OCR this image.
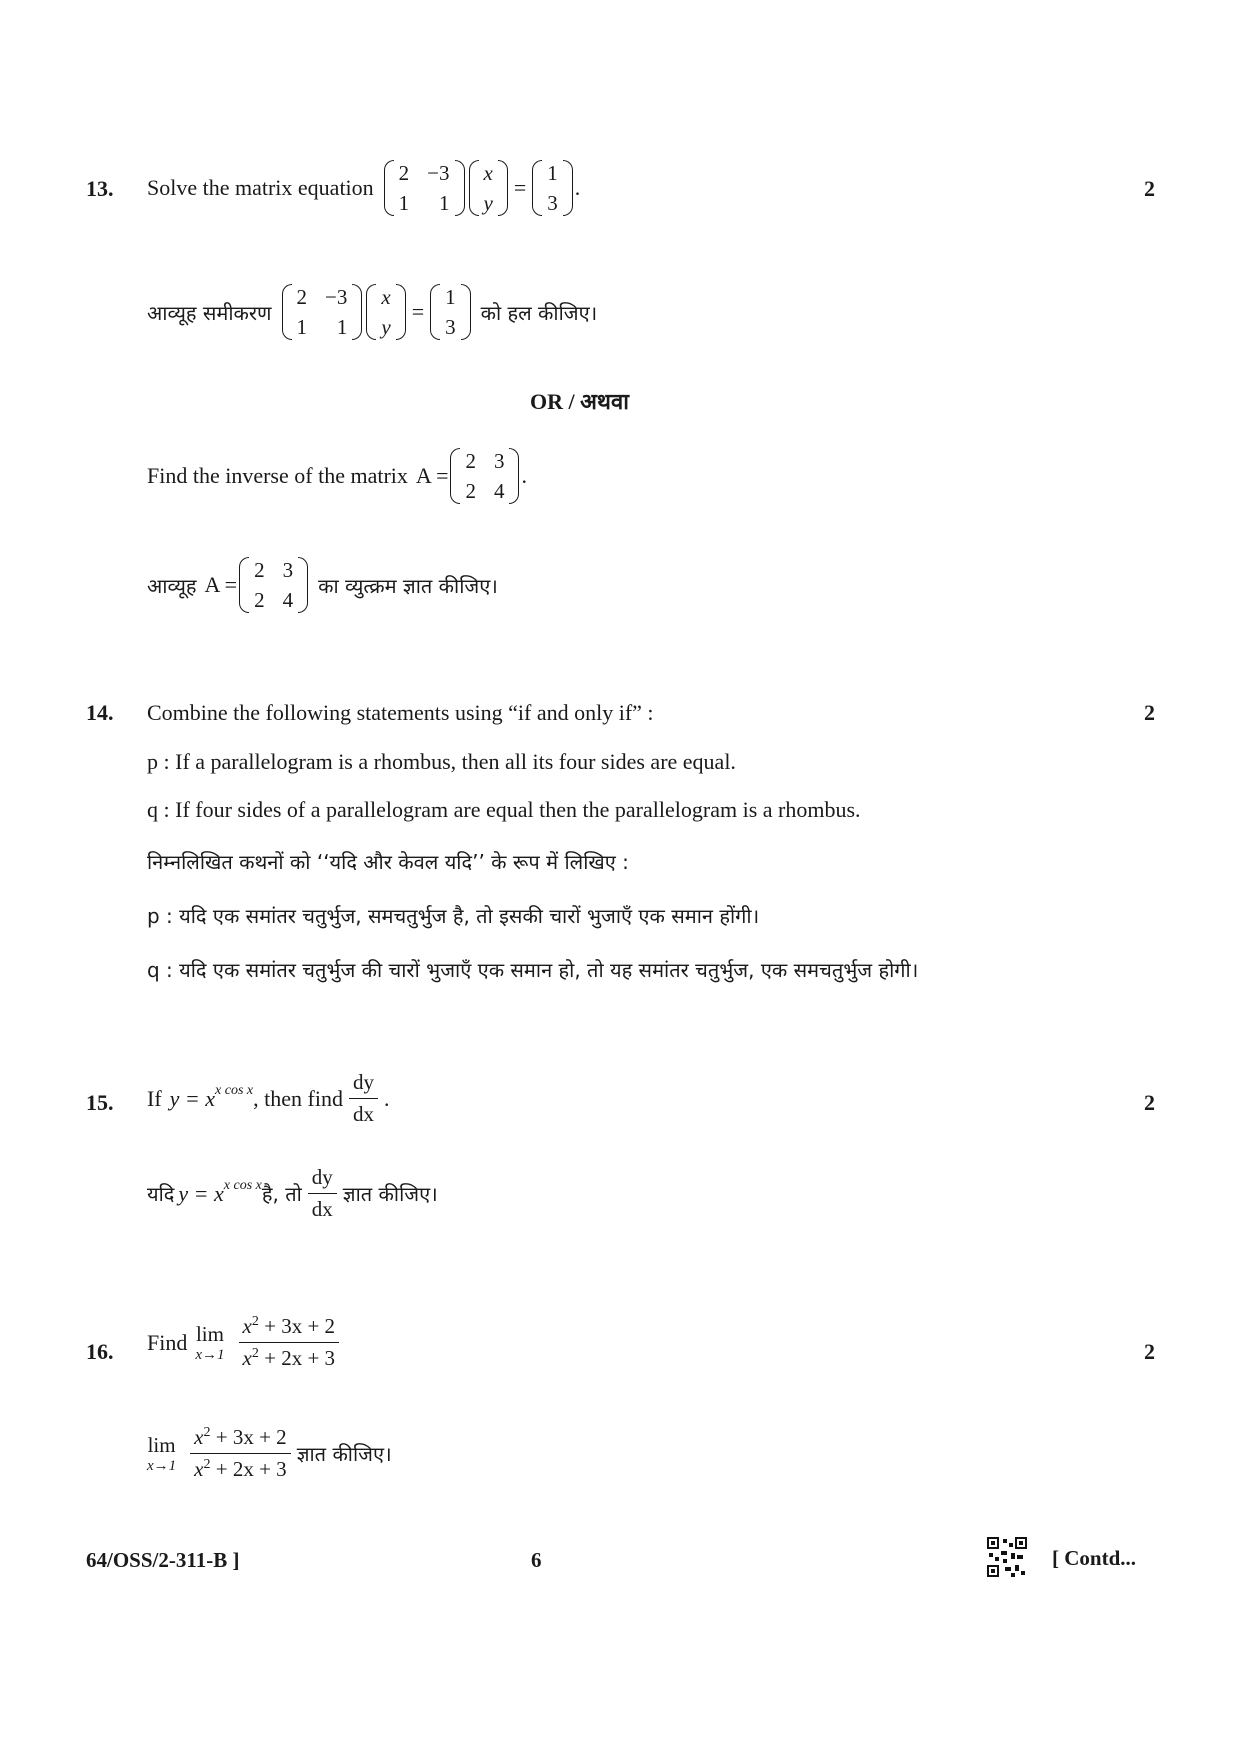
13. Solve the matrix equation
2 −3
1	1
x
y
=
1
3
.	2
आव्यूह समीकरण
2 −3
1	1
x
y
=
1
3
को हल कीजिए।
OR / अथवा
Find the inverse of the matrix A =
2 3
2 4
.
आव्यूह A =
2 3
2 4
का व्युत्क्रम ज्ञात कीजिए।
14. Combine the following statements using “if and only if” :	2
p : If a parallelogram is a rhombus, then all its four sides are equal.
q : If four sides of a parallelogram are equal then the parallelogram is a rhombus.
निम्नलिखित कथनों को ‘‘यदि और केवल यदि’’ के रूप में लिखिए :
p : यदि एक समांतर चतुर्भुज, समचतुर्भुज है, तो इसकी चारों भुजाएँ एक समान होंगी।
q : यदि एक समांतर चतुर्भुज की चारों भुजाएँ एक समान हो, तो यह समांतर चतुर्भुज, एक समचतुर्भुज होगी।
15. If $y = x^{x cos x}$ , then find $\frac{dy}{dx}$ .	2
यदि $y = x^{x cos x}$ है, तो $\frac{dy}{dx}$ ज्ञात कीजिए।
16. Find lim
$x\to 1 \frac{x^2 + 3x + 2}{x^2 + 2x + 3}$	2
lim
$x\to 1 \frac{x^2 + 3x + 2}{x^2 + 2x + 3}$ ज्ञात कीजिए।
64/OSS/2-311-B ]	6	[ Contd...
